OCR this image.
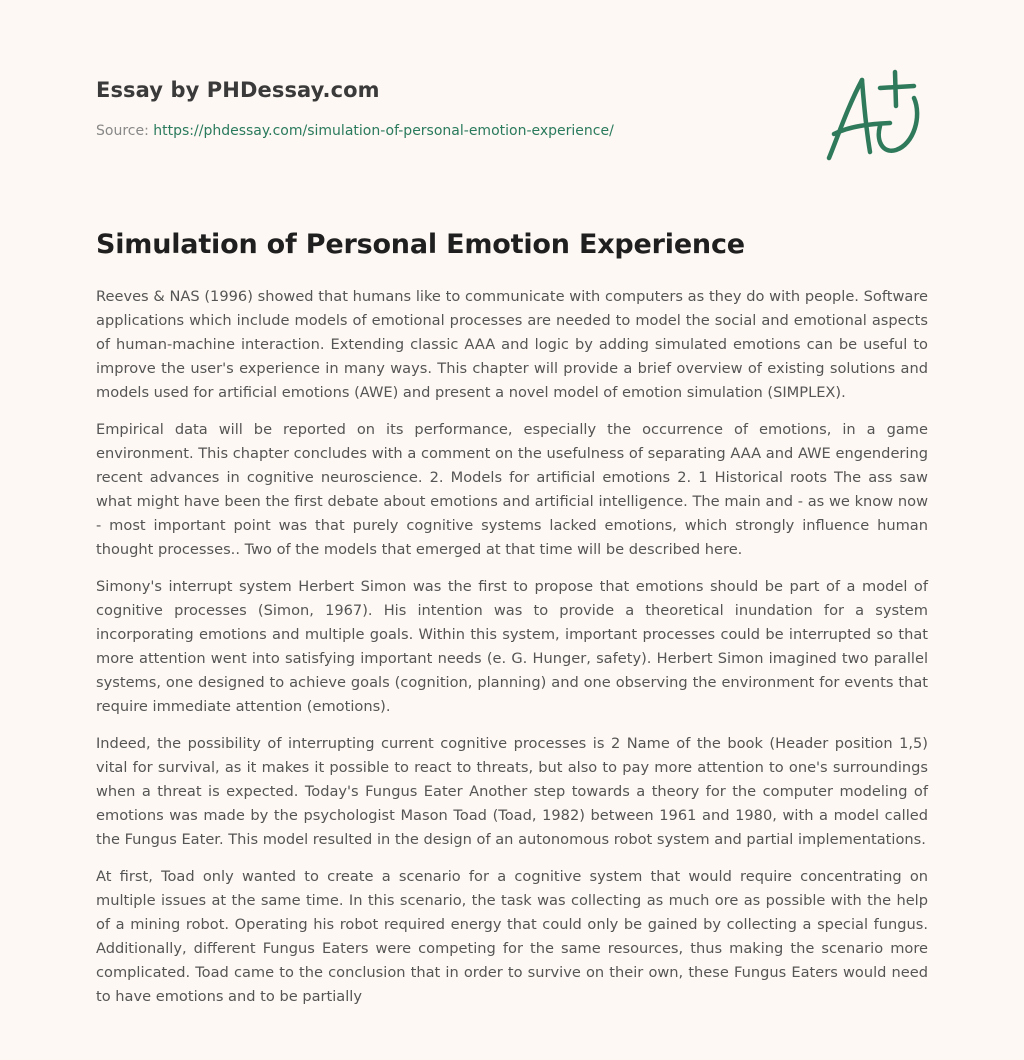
Essay by PHDessay.com
Source: https://phdessay.com/simulation-of-personal-emotion-experience/
Simulation of Personal Emotion Experience

Reeves & NAS (1996) showed that humans like to communicate with computers as they do with people. Software applications which include models of emotional processes are needed to model the social and emotional aspects of human-machine interaction. Extending classic AAA and logic by adding simulated emotions can be useful to improve the user's experience in many ways. This chapter will provide a brief overview of existing solutions and models used for artificial emotions (AWE) and present a novel model of emotion simulation (SIMPLEX).

Empirical data will be reported on its performance, especially the occurrence of emotions, in a game environment. This chapter concludes with a comment on the usefulness of separating AAA and AWE engendering recent advances in cognitive neuroscience. 2. Models for artificial emotions 2. 1 Historical roots The ass saw what might have been the first debate about emotions and artificial intelligence. The main and - as we know now - most important point was that purely cognitive systems lacked emotions, which strongly influence human thought processes.. Two of the models that emerged at that time will be described here.

Simony's interrupt system Herbert Simon was the first to propose that emotions should be part of a model of cognitive processes (Simon, 1967). His intention was to provide a theoretical inundation for a system incorporating emotions and multiple goals. Within this system, important processes could be interrupted so that more attention went into satisfying important needs (e. G. Hunger, safety). Herbert Simon imagined two parallel systems, one designed to achieve goals (cognition, planning) and one observing the environment for events that require immediate attention (emotions).

Indeed, the possibility of interrupting current cognitive processes is 2 Name of the book (Header position 1,5) vital for survival, as it makes it possible to react to threats, but also to pay more attention to one's surroundings when a threat is expected. Today's Fungus Eater Another step towards a theory for the computer modeling of emotions was made by the psychologist Mason Toad (Toad, 1982) between 1961 and 1980, with a model called the Fungus Eater. This model resulted in the design of an autonomous robot system and partial implementations.

At first, Toad only wanted to create a scenario for a cognitive system that would require concentrating on multiple issues at the same time. In this scenario, the task was collecting as much ore as possible with the help of a mining robot. Operating his robot required energy that could only be gained by collecting a special fungus. Additionally, different Fungus Eaters were competing for the same resources, thus making the scenario more complicated. Toad came to the conclusion that in order to survive on their own, these Fungus Eaters would need to have emotions and to be partially
